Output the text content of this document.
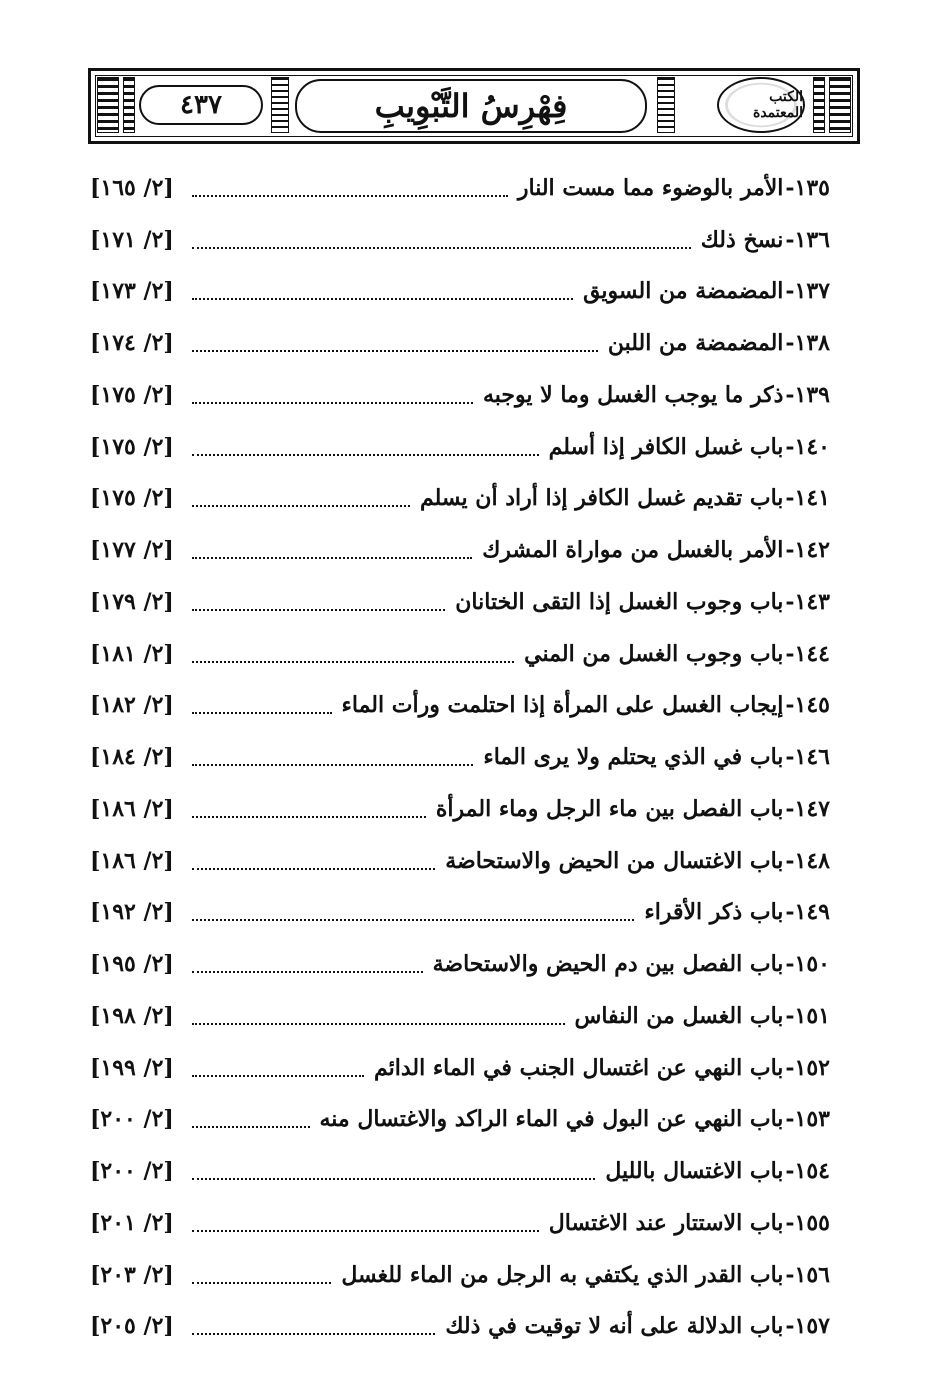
٤٣٧	فِهْرِسُ التَّبْوِيبِ	الكتب المعتمدة
١٣٥-
الأمر بالوضوء مما مست النار
[٢/ ١٦٥]
١٣٦-
نسخ ذلك
[٢/ ١٧١]
١٣٧-
المضمضة من السويق
[٢/ ١٧٣]
١٣٨-
المضمضة من اللبن
[٢/ ١٧٤]
١٣٩-
ذكر ما يوجب الغسل وما لا يوجبه
[٢/ ١٧٥]
١٤٠-
باب غسل الكافر إذا أسلم
[٢/ ١٧٥]
١٤١-
باب تقديم غسل الكافر إذا أراد أن يسلم
[٢/ ١٧٥]
١٤٢-
الأمر بالغسل من مواراة المشرك
[٢/ ١٧٧]
١٤٣-
باب وجوب الغسل إذا التقى الختانان
[٢/ ١٧٩]
١٤٤-
باب وجوب الغسل من المني
[٢/ ١٨١]
١٤٥-
إيجاب الغسل على المرأة إذا احتلمت ورأت الماء
[٢/ ١٨٢]
١٤٦-
باب في الذي يحتلم ولا يرى الماء
[٢/ ١٨٤]
١٤٧-
باب الفصل بين ماء الرجل وماء المرأة
[٢/ ١٨٦]
١٤٨-
باب الاغتسال من الحيض والاستحاضة
[٢/ ١٨٦]
١٤٩-
باب ذكر الأقراء
[٢/ ١٩٢]
١٥٠-
باب الفصل بين دم الحيض والاستحاضة
[٢/ ١٩٥]
١٥١-
باب الغسل من النفاس
[٢/ ١٩٨]
١٥٢-
باب النهي عن اغتسال الجنب في الماء الدائم
[٢/ ١٩٩]
١٥٣-
باب النهي عن البول في الماء الراكد والاغتسال منه
[٢/ ٢٠٠]
١٥٤-
باب الاغتسال بالليل
[٢/ ٢٠٠]
١٥٥-
باب الاستتار عند الاغتسال
[٢/ ٢٠١]
١٥٦-
باب القدر الذي يكتفي به الرجل من الماء للغسل
[٢/ ٢٠٣]
١٥٧-
باب الدلالة على أنه لا توقيت في ذلك
[٢/ ٢٠٥]
